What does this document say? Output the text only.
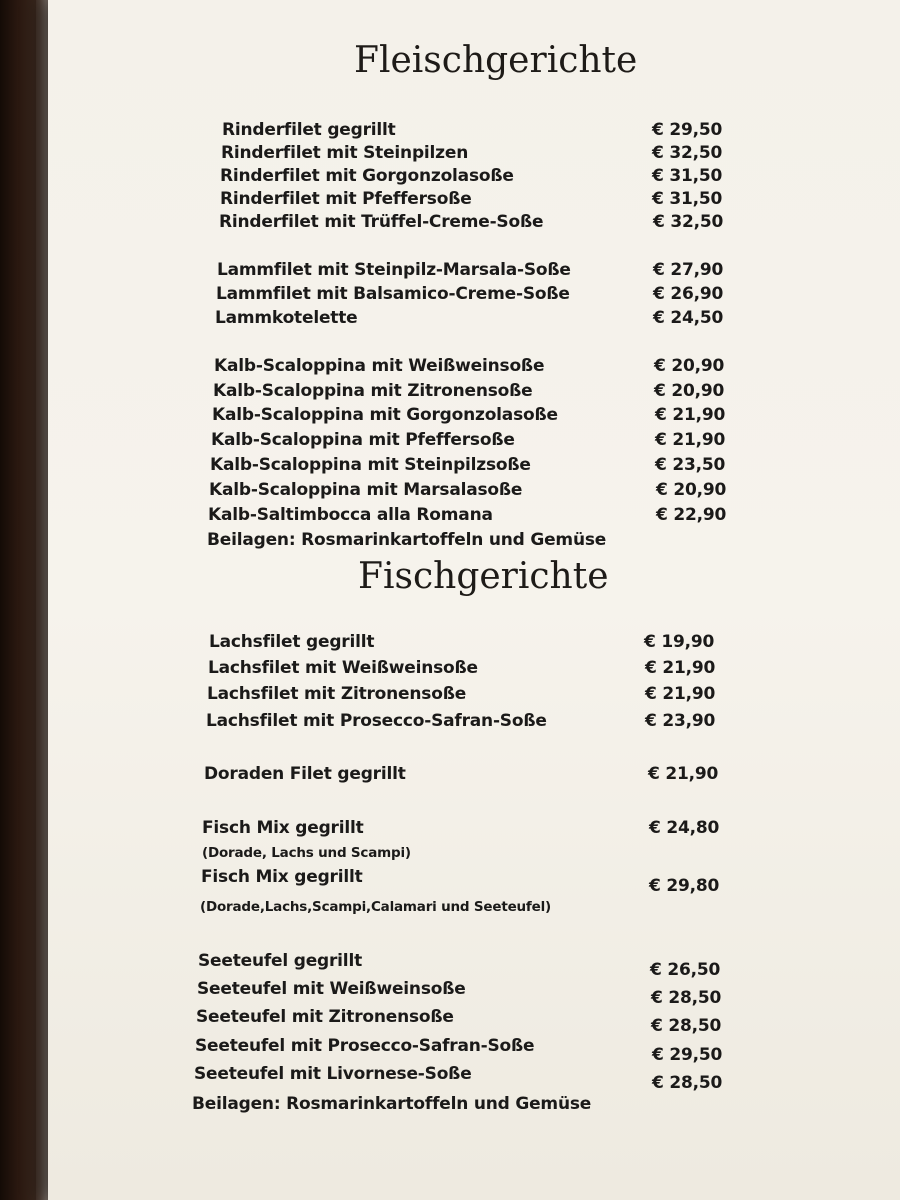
Fleischgerichte
Rinderfilet gegrillt	€ 29,50
Rinderfilet mit Steinpilzen	€ 32,50
Rinderfilet mit Gorgonzolasoße	€ 31,50
Rinderfilet mit Pfeffersoße	€ 31,50
Rinderfilet mit Trüffel-Creme-Soße	€ 32,50
Lammfilet mit Steinpilz-Marsala-Soße	€ 27,90
Lammfilet mit Balsamico-Creme-Soße	€ 26,90
Lammkotelette	€ 24,50
Kalb-Scaloppina mit Weißweinsoße	€ 20,90
Kalb-Scaloppina mit Zitronensoße	€ 20,90
Kalb-Scaloppina mit Gorgonzolasoße	€ 21,90
Kalb-Scaloppina mit Pfeffersoße	€ 21,90
Kalb-Scaloppina mit Steinpilzsoße	€ 23,50
Kalb-Scaloppina mit Marsalasoße	€ 20,90
Kalb-Saltimbocca alla Romana	€ 22,90
Beilagen: Rosmarinkartoffeln und Gemüse
Fischgerichte
Lachsfilet gegrillt	€ 19,90
Lachsfilet mit Weißweinsoße	€ 21,90
Lachsfilet mit Zitronensoße	€ 21,90
Lachsfilet mit Prosecco-Safran-Soße	€ 23,90
Doraden Filet gegrillt	€ 21,90
Fisch Mix gegrillt	€ 24,80
(Dorade, Lachs und Scampi)
Fisch Mix gegrillt	€ 29,80
(Dorade,Lachs,Scampi,Calamari und Seeteufel)
Seeteufel gegrillt	€ 26,50
Seeteufel mit Weißweinsoße	€ 28,50
Seeteufel mit Zitronensoße	€ 28,50
Seeteufel mit Prosecco-Safran-Soße	€ 29,50
Seeteufel mit Livornese-Soße	€ 28,50
Beilagen: Rosmarinkartoffeln und Gemüse
